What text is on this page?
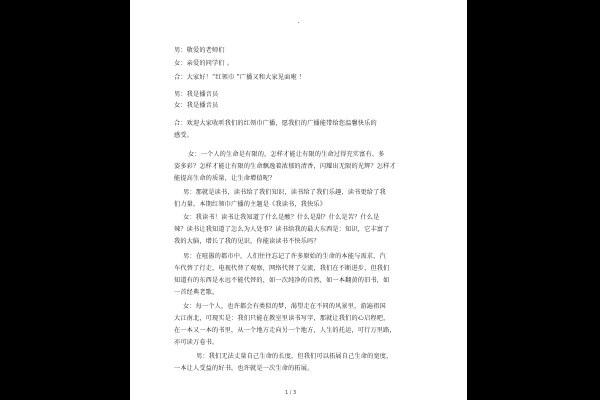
男：敬爱的老师们
女：亲爱的同学们 。
合：大家好！“红领巾 ”广播又和大家见面啦 ！
男：我是播音员
女：我是播音员
合：欢迎大家收听我们的红领巾广播，愿我们的广播能带给您温馨快乐的
感受。
女：一个人的生命是有限的，怎样才能让有限的生命过得充实富有、多
姿多彩？怎样才能让有限的生命飘逸着浓郁的清香，闪耀出无限的光辉？怎样才
能提高生命的质量，让生命增值呢？
男：那就是读书，读书给了我们知识，读书给了我们乐趣，读书更给了我
们力量。本期红领巾广播的主题是《我读书，我快乐》
女：我读书！读书让我知道了什么是酸？什么是甜？什么是苦？什么是
辣？读书让我知道了怎么为人处事？读书给我的最大东西是：知识，它丰富了
我的大脑，增长了我的见识，你能读读书不快乐吗？
男：在喧嚣的都市中，人们往往忘记了许多原始的生命的本能与需求，汽
车代替了行走，电视代替了观察，网络代替了交流，我们在不断进步，但我们
知道有的东西是永远不能代替的，如一次纯净的自然，如一本翻黄的旧书，如
一首经典老歌。
女：每一个人，也许都会有类似的梦，渴望走在不同的风景里，游遍祖国
大江南北，可现实是：我们只能在教室里读书写字，那就让我们的心启程吧，
在一本又一本的书里，从一个地方走向另一个地方，人生的托运，可行万里路，
亦可读万卷书。
男：我们无法丈量自己生命的长度，但我们可以拓展自己生命的宽度，
一本让人受益的好书，也许就是一次生命的拓展。
1 / 3
